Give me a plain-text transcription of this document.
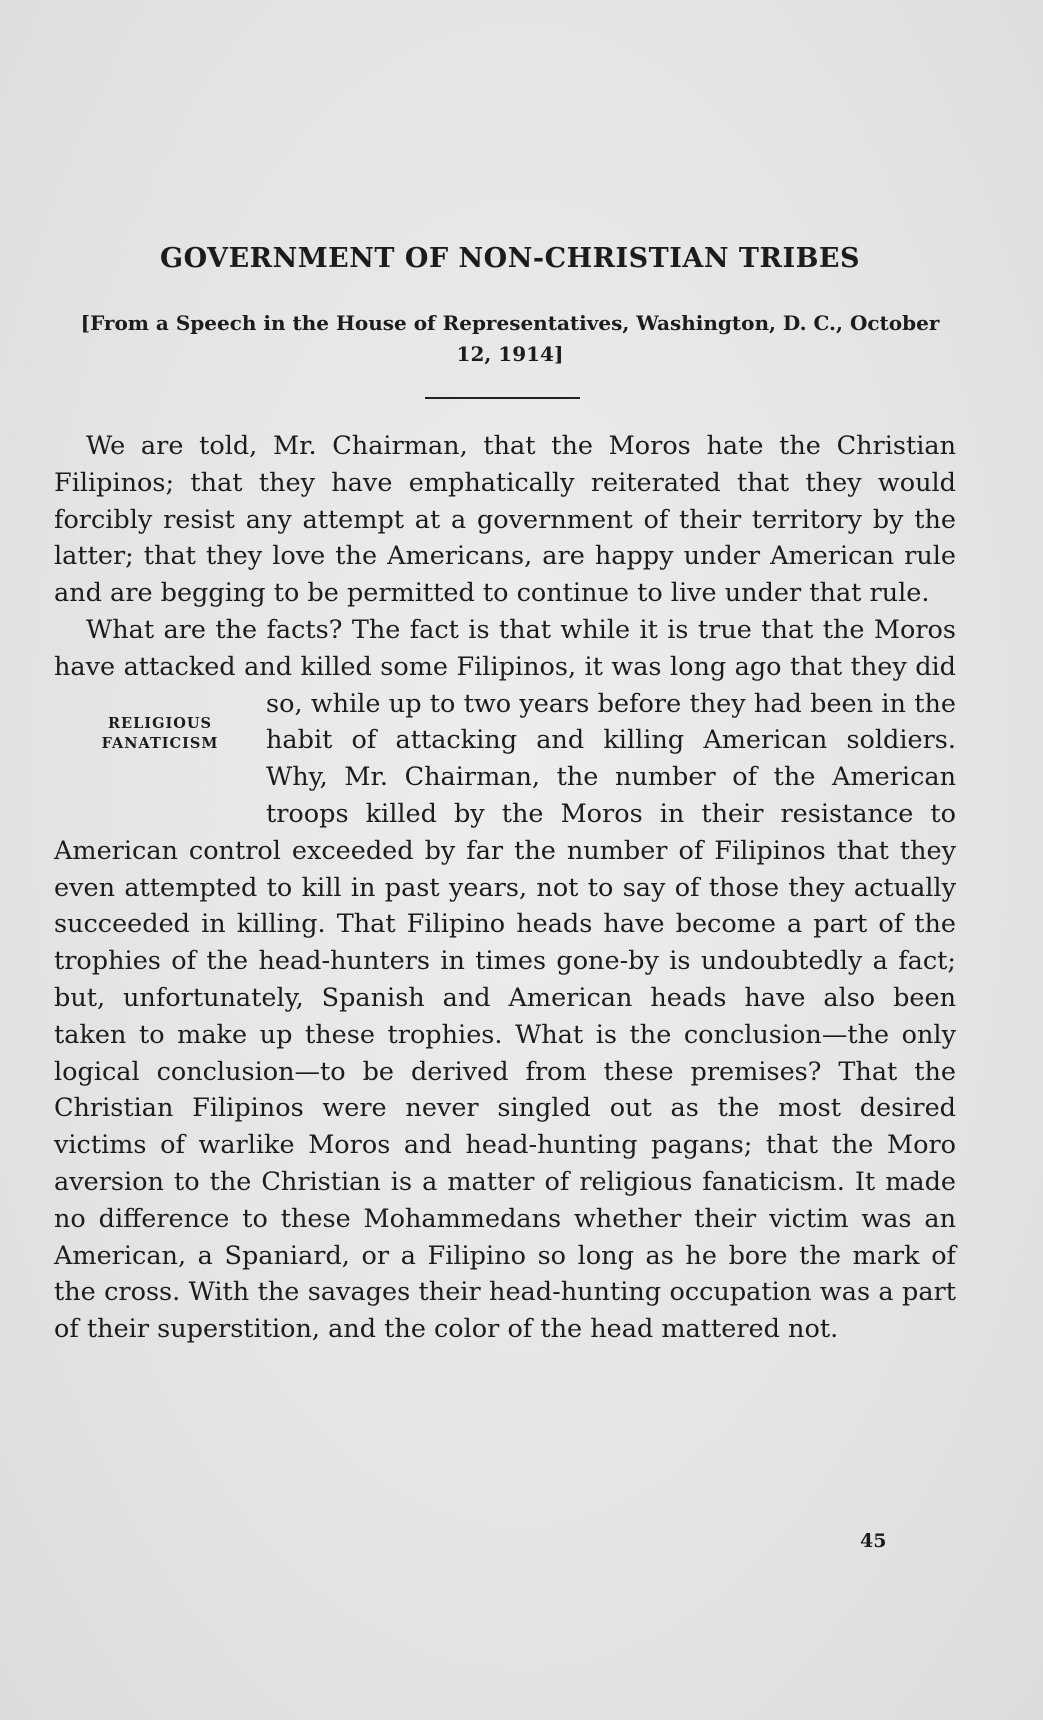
GOVERNMENT OF NON-CHRISTIAN TRIBES
[From a Speech in the House of Representatives, Washington, D. C., October 12, 1914]

We are told, Mr. Chairman, that the Moros hate the Christian Filipinos; that they have emphatically reiterated that they would forcibly resist any attempt at a government of their territory by the latter; that they love the Americans, are happy under American rule and are begging to be permitted to continue to live under that rule.

What are the facts? The fact is that while it is true that the Moros have attacked and killed some Filipinos, it was long ago that they did so, while up to two years before
RELIGIOUS
FANATICISM
they had been in the habit of attacking and killing American soldiers. Why, Mr. Chairman, the number of the American troops killed by the Moros in their resistance to American control exceeded by far the number of Filipinos that they even attempted to kill in past years, not to say of those they actually succeeded in killing. That Filipino heads have become a part of the trophies of the head-hunters in times gone-by is undoubtedly a fact; but, unfortunately, Spanish and American heads have also been taken to make up these trophies. What is the conclusion—the only logical conclusion—to be derived from these premises? That the Christian Filipinos were never singled out as the most desired victims of warlike Moros and head-hunting pagans; that the Moro aversion to the Christian is a matter of religious fanaticism. It made no difference to these Mohammedans whether their victim was an American, a Spaniard, or a Filipino so long as he bore the mark of the cross. With the savages their head-hunting occupation was a part of their superstition, and the color of the head mattered not.

45
